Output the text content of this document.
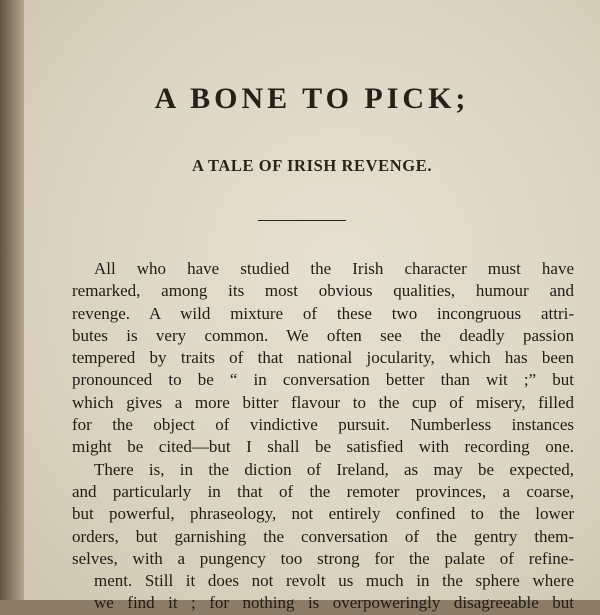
A BONE TO PICK;
A TALE OF IRISH REVENGE.
All who have studied the Irish character must have
remarked, among its most obvious qualities, humour and
revenge. A wild mixture of these two incongruous attri-
butes is very common. We often see the deadly passion
tempered by traits of that national jocularity, which has been
pronounced to be “ in conversation better than wit ;” but
which gives a more bitter flavour to the cup of misery, filled
for the object of vindictive pursuit. Numberless instances
might be cited—but I shall be satisfied with recording one.
There is, in the diction of Ireland, as may be expected,
and particularly in that of the remoter provinces, a coarse,
but powerful, phraseology, not entirely confined to the lower
orders, but garnishing the conversation of the gentry them-
selves, with a pungency too strong for the palate of refine-
ment. Still it does not revolt us much in the sphere where
we find it ; for nothing is overpoweringly disagreeable but
